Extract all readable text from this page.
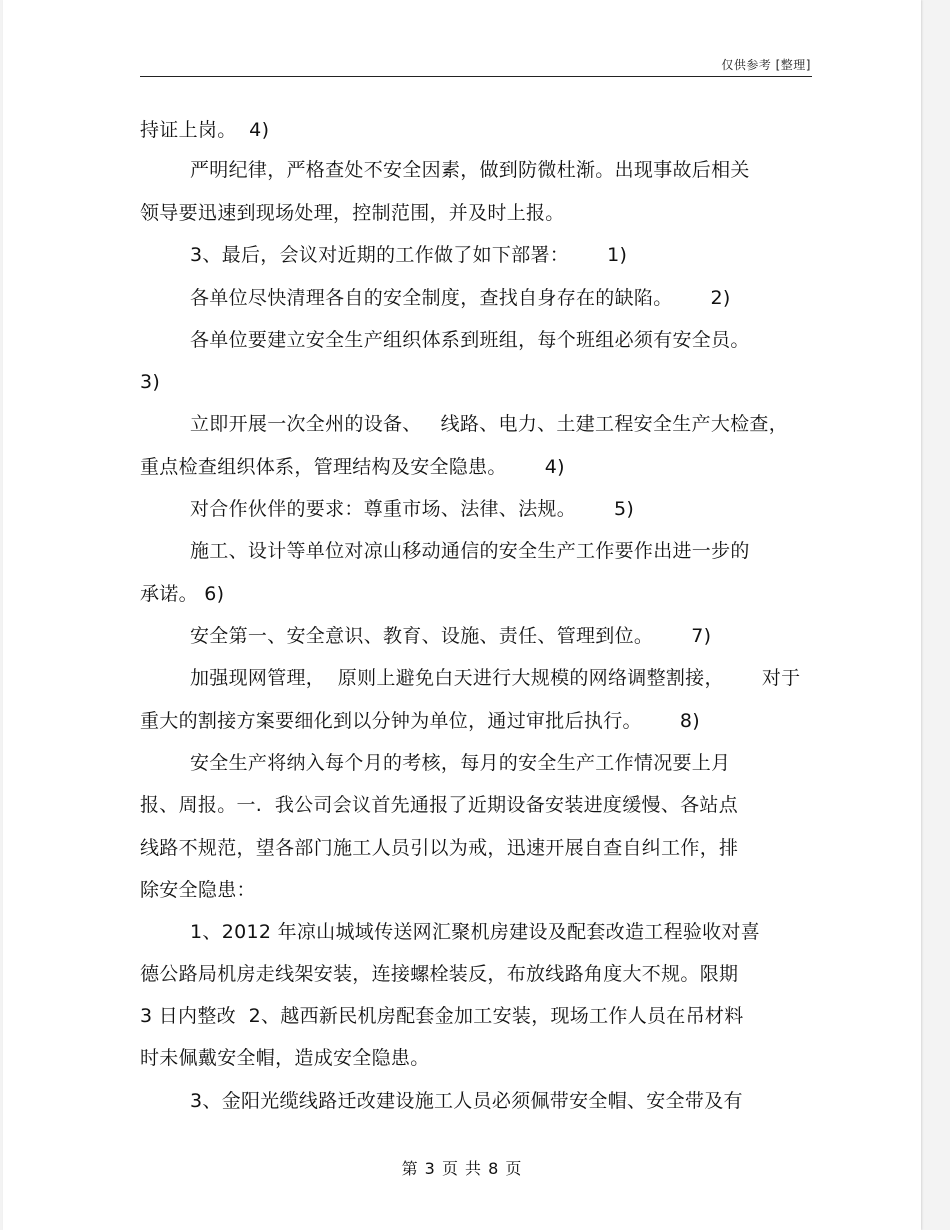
仅供参考 [整理]
持证上岗。  4)
严明纪律，严格查处不安全因素，做到防微杜渐。出现事故后相关
领导要迅速到现场处理，控制范围，并及时上报。
3、最后，会议对近期的工作做了如下部署：      1)
各单位尽快清理各自的安全制度，查找自身存在的缺陷。      2)
各单位要建立安全生产组织体系到班组，每个班组必须有安全员。
3)
立即开展一次全州的设备、   线路、电力、土建工程安全生产大检查，
重点检查组织体系，管理结构及安全隐患。      4)
对合作伙伴的要求：尊重市场、法律、法规。      5)
施工、设计等单位对凉山移动通信的安全生产工作要作出进一步的
承诺。 6)
安全第一、安全意识、教育、设施、责任、管理到位。      7)
加强现网管理，  原则上避免白天进行大规模的网络调整割接，      对于
重大的割接方案要细化到以分钟为单位，通过审批后执行。      8)
安全生产将纳入每个月的考核，每月的安全生产工作情况要上月
报、周报。一.  我公司会议首先通报了近期设备安装进度缓慢、各站点
线路不规范，望各部门施工人员引以为戒，迅速开展自查自纠工作，排
除安全隐患：
1、2012 年凉山城域传送网汇聚机房建设及配套改造工程验收对喜
德公路局机房走线架安装，连接螺栓装反，布放线路角度大不规。限期
3 日内整改  2、越西新民机房配套金加工安装，现场工作人员在吊材料
时未佩戴安全帽，造成安全隐患。
3、金阳光缆线路迁改建设施工人员必须佩带安全帽、安全带及有
第 3 页 共 8 页
